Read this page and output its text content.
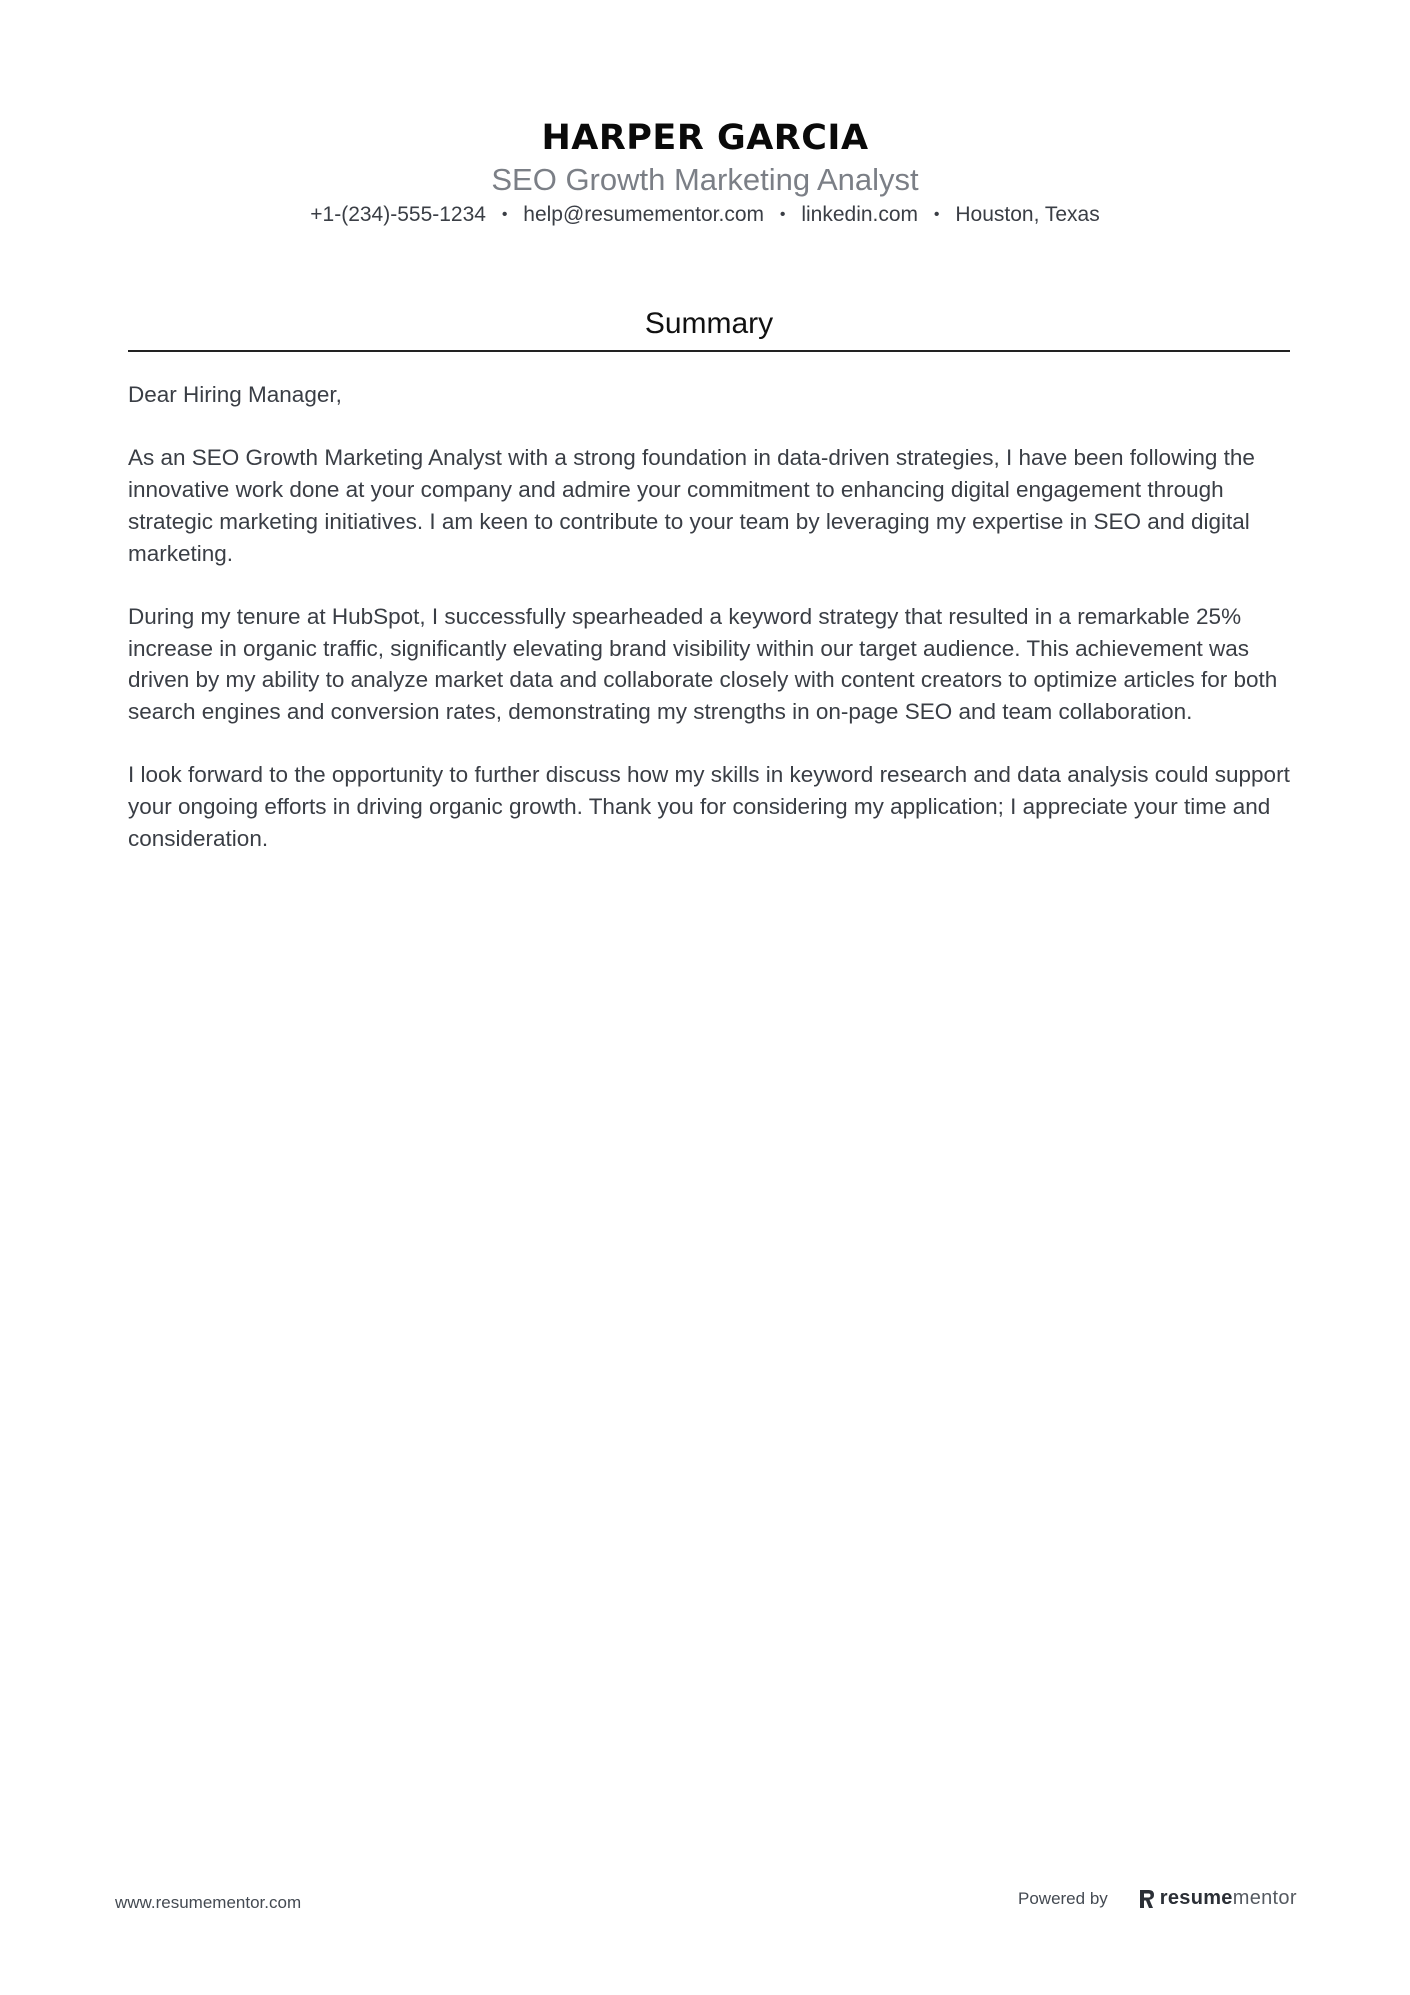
HARPER GARCIA
SEO Growth Marketing Analyst
+1-(234)-555-1234 • help@resumementor.com • linkedin.com • Houston, Texas
Summary

Dear Hiring Manager,

As an SEO Growth Marketing Analyst with a strong foundation in data-driven strategies, I have been following the innovative work done at your company and admire your commitment to enhancing digital engagement through strategic marketing initiatives. I am keen to contribute to your team by leveraging my expertise in SEO and digital marketing.

During my tenure at HubSpot, I successfully spearheaded a keyword strategy that resulted in a remarkable 25% increase in organic traffic, significantly elevating brand visibility within our target audience. This achievement was driven by my ability to analyze market data and collaborate closely with content creators to optimize articles for both search engines and conversion rates, demonstrating my strengths in on-page SEO and team collaboration.

I look forward to the opportunity to further discuss how my skills in keyword research and data analysis could support your ongoing efforts in driving organic growth. Thank you for considering my application; I appreciate your time and consideration.

www.resumementor.com	Powered by	resumementor
